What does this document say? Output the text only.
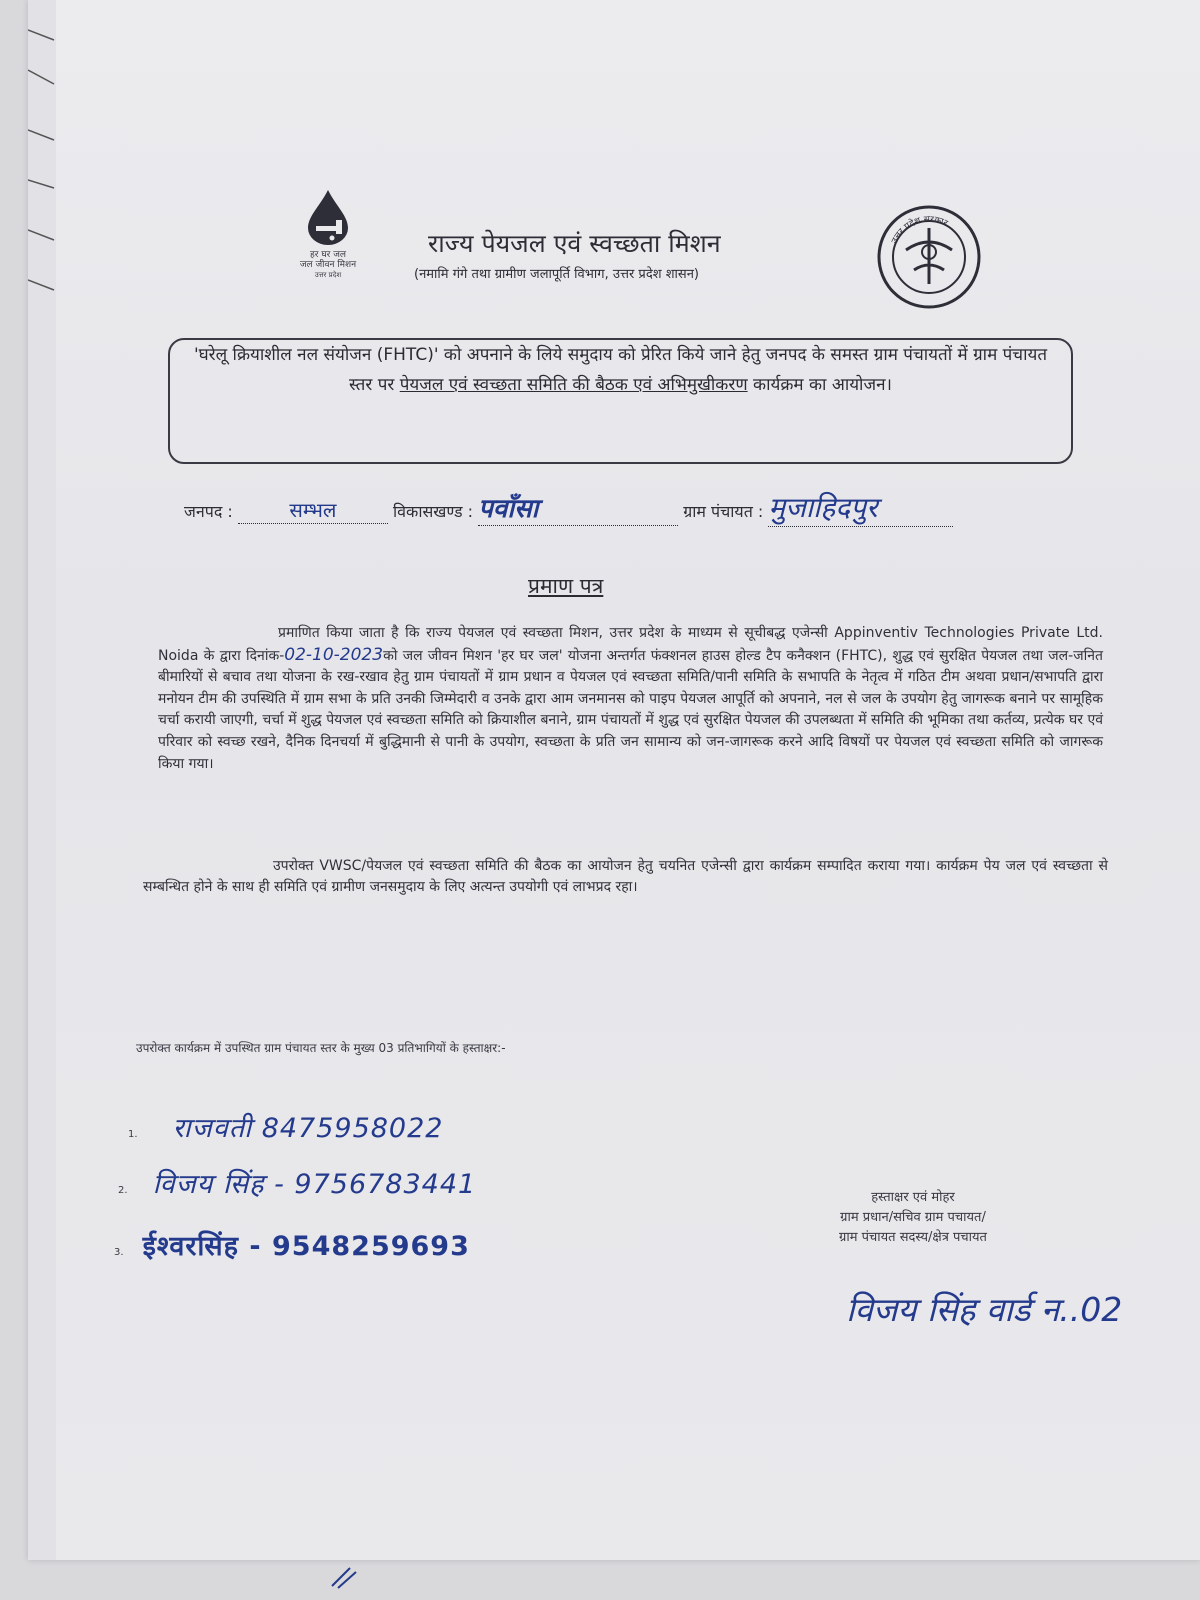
हर घर जल
जल जीवन मिशन
उत्तर प्रदेश
राज्य पेयजल एवं स्वच्छता मिशन
(नमामि गंगे तथा ग्रामीण जलापूर्ति विभाग, उत्तर प्रदेश शासन)
उत्तर प्रदेश सरकार
'घरेलू क्रियाशील नल संयोजन (FHTC)' को अपनाने के लिये समुदाय को प्रेरित किये जाने हेतु जनपद के समस्त ग्राम पंचायतों में ग्राम पंचायत स्तर पर पेयजल एवं स्वच्छता समिति की बैठक एवं अभिमुखीकरण कार्यक्रम का आयोजन।
जनपद :	सम्भल	विकासखण्ड : पवाँसा	ग्राम पंचायत : मुजाहिदपुर
प्रमाण पत्र

प्रमाणित किया जाता है कि राज्य पेयजल एवं स्वच्छता मिशन, उत्तर प्रदेश के माध्यम से सूचीबद्ध एजेन्सी Appinventiv Technologies Private Ltd. Noida के द्वारा दिनांक-02-10-2023को जल जीवन मिशन 'हर घर जल' योजना अन्तर्गत फंक्शनल हाउस होल्ड टैप कनैक्शन (FHTC), शुद्ध एवं सुरक्षित पेयजल तथा जल-जनित बीमारियों से बचाव तथा योजना के रख-रखाव हेतु ग्राम पंचायतों में ग्राम प्रधान व पेयजल एवं स्वच्छता समिति/पानी समिति के सभापति के नेतृत्व में गठित टीम अथवा प्रधान/सभापति द्वारा मनोयन टीम की उपस्थिति में ग्राम सभा के प्रति उनकी जिम्मेदारी व उनके द्वारा आम जनमानस को पाइप पेयजल आपूर्ति को अपनाने, नल से जल के उपयोग हेतु जागरूक बनाने पर सामूहिक चर्चा करायी जाएगी, चर्चा में शुद्ध पेयजल एवं स्वच्छता समिति को क्रियाशील बनाने, ग्राम पंचायतों में शुद्ध एवं सुरक्षित पेयजल की उपलब्धता में समिति की भूमिका तथा कर्तव्य, प्रत्येक घर एवं परिवार को स्वच्छ रखने, दैनिक दिनचर्या में बुद्धिमानी से पानी के उपयोग, स्वच्छता के प्रति जन सामान्य को जन-जागरूक करने आदि विषयों पर पेयजल एवं स्वच्छता समिति को जागरूक किया गया।

उपरोक्त VWSC/पेयजल एवं स्वच्छता समिति की बैठक का आयोजन हेतु चयनित एजेन्सी द्वारा कार्यक्रम सम्पादित कराया गया। कार्यक्रम पेय जल एवं स्वच्छता से सम्बन्धित होने के साथ ही समिति एवं ग्रामीण जनसमुदाय के लिए अत्यन्त उपयोगी एवं लाभप्रद रहा।

उपरोक्त कार्यक्रम में उपस्थित ग्राम पंचायत स्तर के मुख्य 03 प्रतिभागियों के हस्ताक्षर:-
1. राजवती 8475958022
2. विजय सिंह - 9756783441
3. ईश्वरसिंह - 9548259693
हस्ताक्षर एवं मोहर
ग्राम प्रधान/सचिव ग्राम पचायत/
ग्राम पंचायत सदस्य/क्षेत्र पचायत
विजय सिंह वार्ड न..02
